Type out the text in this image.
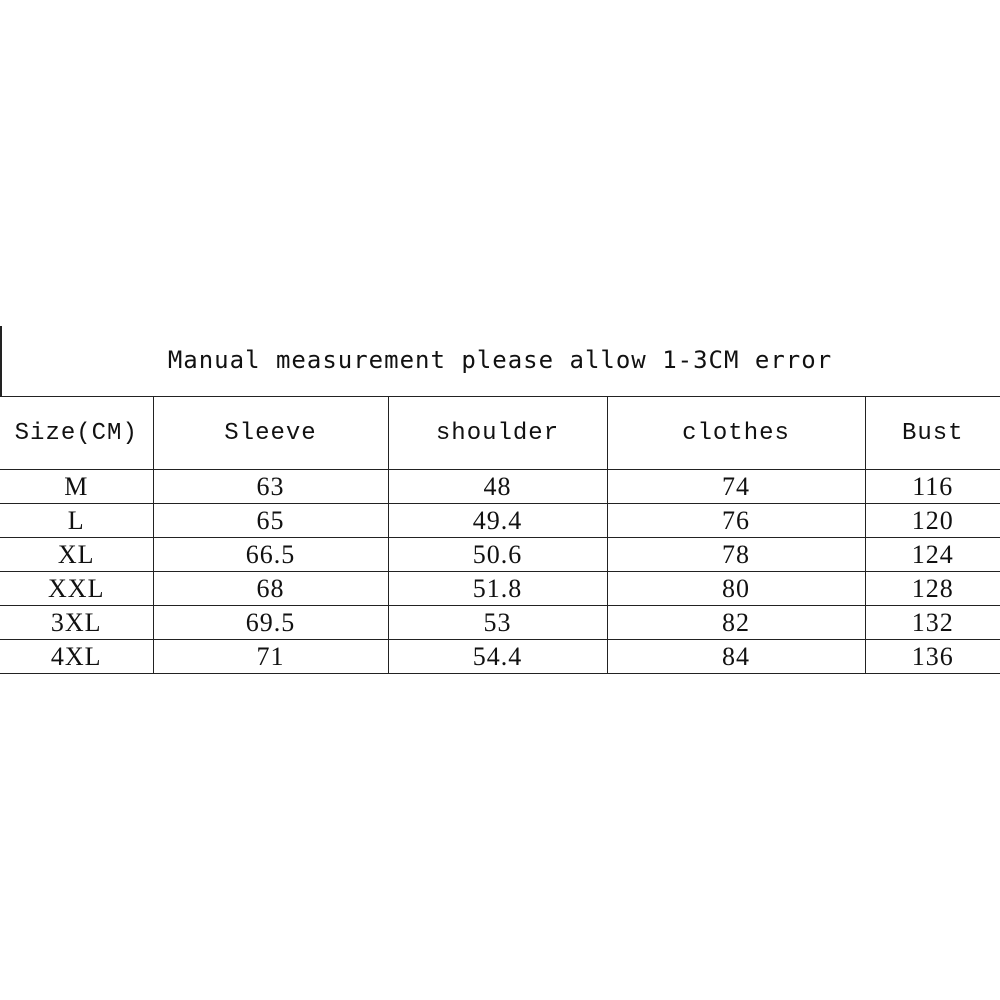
Manual measurement please allow 1-3CM error
Size(CM)	Sleeve	shoulder	clothes	Bust
M	63	48	74	116
L	65	49.4	76	120
XL	66.5	50.6	78	124
XXL	68	51.8	80	128
3XL	69.5	53	82	132
4XL	71	54.4	84	136
